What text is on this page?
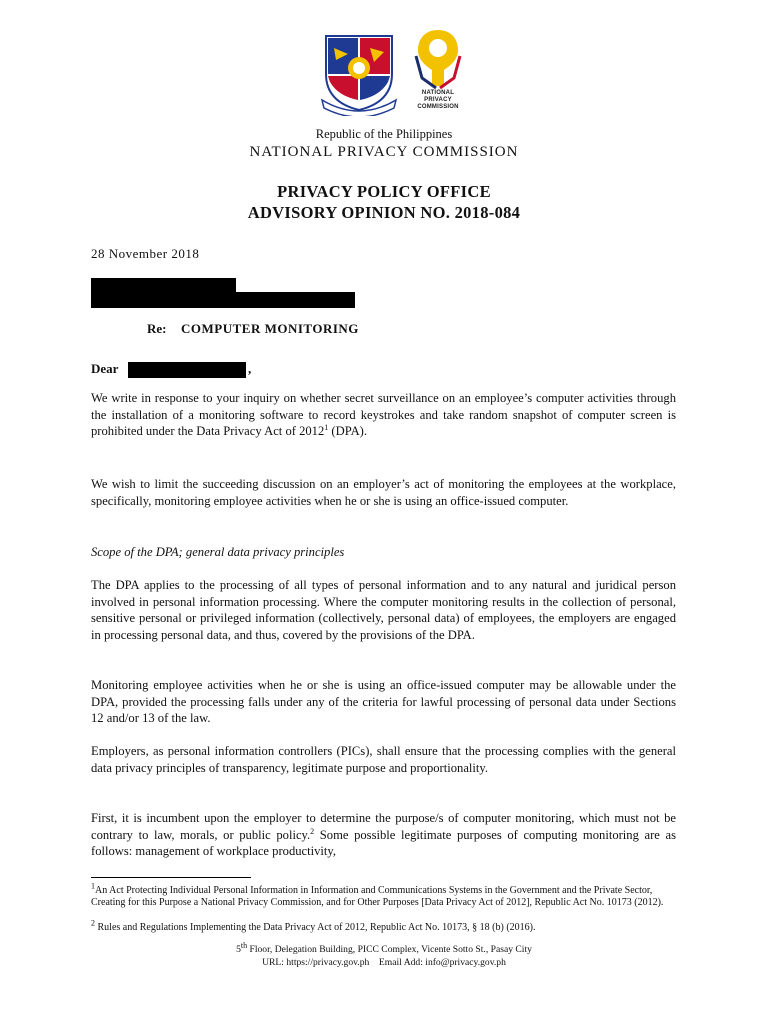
NATIONAL
PRIVACY
COMMISSION
Republic of the Philippines
NATIONAL PRIVACY COMMISSION
PRIVACY POLICY OFFICE
ADVISORY OPINION NO. 2018-084
28 November 2018
Re: COMPUTER MONITORING
Dear	,
We write in response to your inquiry on whether secret surveillance on an employee’s computer activities through the installation of a monitoring software to record keystrokes and take random snapshot of computer screen is prohibited under the Data Privacy Act of 2012$^1$ (DPA).
We wish to limit the succeeding discussion on an employer’s act of monitoring the employees at the workplace, specifically, monitoring employee activities when he or she is using an office-issued computer.
Scope of the DPA; general data privacy principles
The DPA applies to the processing of all types of personal information and to any natural and juridical person involved in personal information processing. Where the computer monitoring results in the collection of personal, sensitive personal or privileged information (collectively, personal data) of employees, the employers are engaged in processing personal data, and thus, covered by the provisions of the DPA.
Monitoring employee activities when he or she is using an office-issued computer may be allowable under the DPA, provided the processing falls under any of the criteria for lawful processing of personal data under Sections 12 and/or 13 of the law.
Employers, as personal information controllers (PICs), shall ensure that the processing complies with the general data privacy principles of transparency, legitimate purpose and proportionality.
First, it is incumbent upon the employer to determine the purpose/s of computer monitoring, which must not be contrary to law, morals, or public policy.$^2$ Some possible legitimate purposes of computing monitoring are as follows: management of workplace productivity,
$^1$An Act Protecting Individual Personal Information in Information and Communications Systems in the Government and the Private Sector, Creating for this Purpose a National Privacy Commission, and for Other Purposes [Data Privacy Act of 2012], Republic Act No. 10173 (2012).
$^2$ Rules and Regulations Implementing the Data Privacy Act of 2012, Republic Act No. 10173, § 18 (b) (2016).
5th Floor, Delegation Building, PICC Complex, Vicente Sotto St., Pasay City
URL: https://privacy.gov.ph    Email Add: info@privacy.gov.ph
